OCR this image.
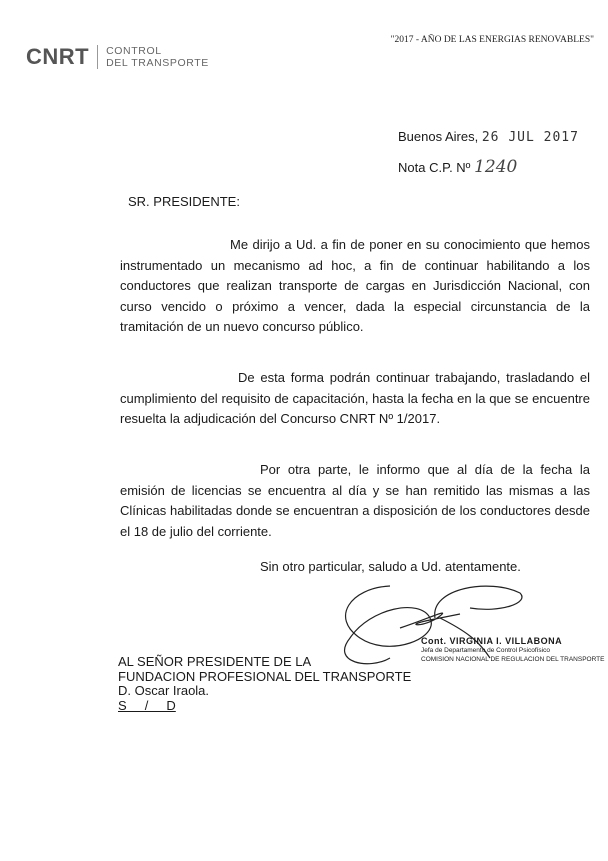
CNRT CONTROL
DEL TRANSPORTE
"2017 - AÑO DE LAS ENERGIAS RENOVABLES"
Buenos Aires, 26 JUL 2017
Nota C.P. Nº 1240
SR. PRESIDENTE:
Me dirijo a Ud. a fin de poner en su conocimiento que hemos instrumentado un mecanismo ad hoc, a fin de continuar habilitando a los conductores que realizan transporte de cargas en Jurisdicción Nacional, con curso vencido o próximo a vencer, dada la especial circunstancia de la tramitación de un nuevo concurso público.
De esta forma podrán continuar trabajando, trasladando el cumplimiento del requisito de capacitación, hasta la fecha en la que se encuentre resuelta la adjudicación del Concurso CNRT Nº 1/2017.
Por otra parte, le informo que al día de la fecha la emisión de licencias se encuentra al día y se han remitido las mismas a las Clínicas habilitadas donde se encuentran a disposición de los conductores desde el 18 de julio del corriente.
Sin otro particular, saludo a Ud. atentamente.
Cont. VIRGINIA I. VILLABONA
Jefa de Departamento de Control Psicofísico
COMISION NACIONAL DE REGULACION DEL TRANSPORTE
AL SEÑOR PRESIDENTE DE LA
FUNDACION PROFESIONAL DEL TRANSPORTE
D. Oscar Iraola.
S     /     D
